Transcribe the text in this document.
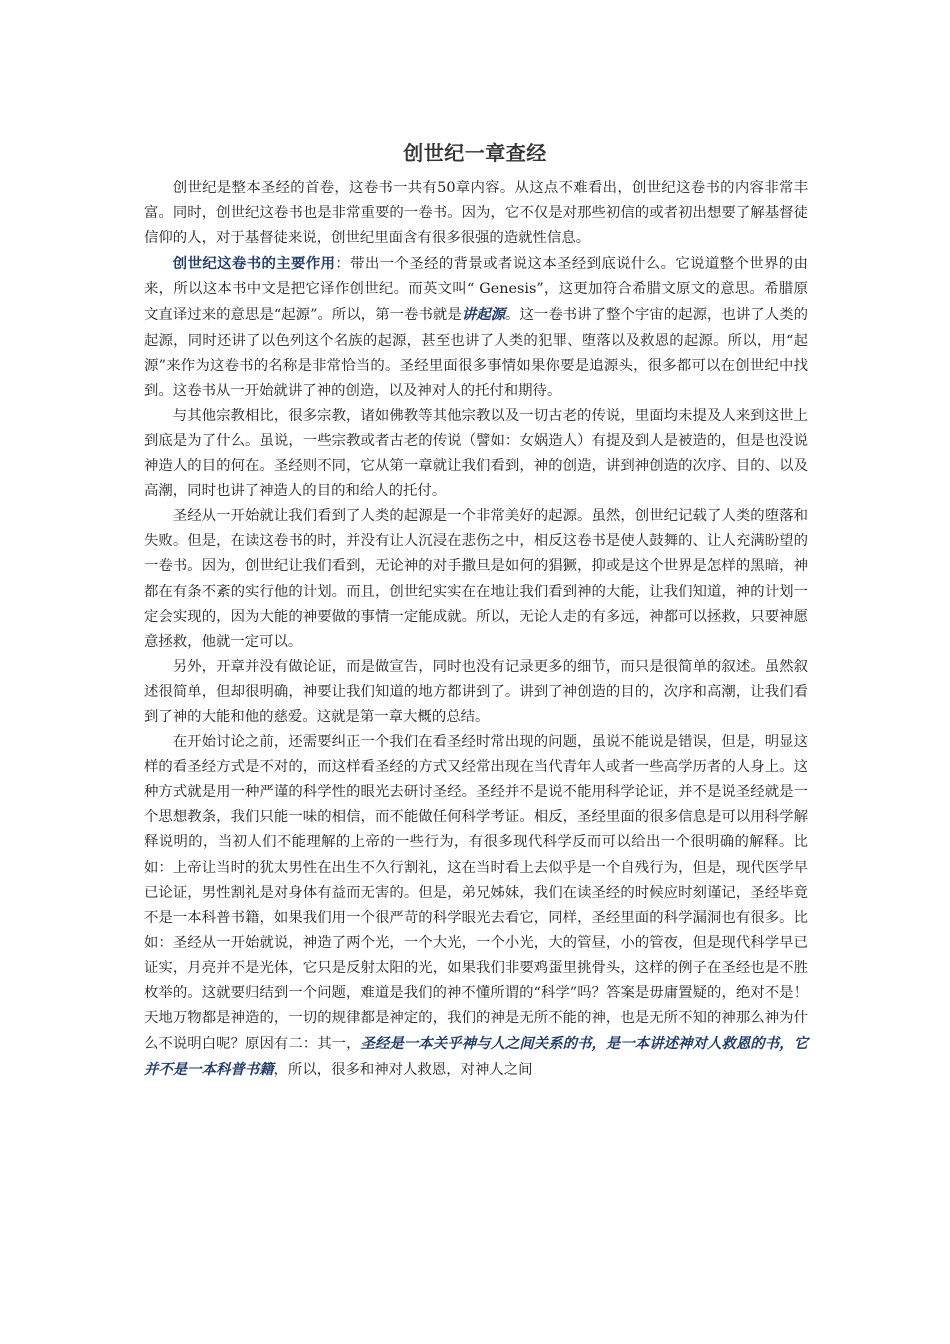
创世纪一章查经

创世纪是整本圣经的首卷，这卷书一共有50章内容。从这点不难看出，创世纪这卷书的内容非常丰富。同时，创世纪这卷书也是非常重要的一卷书。因为，它不仅是对那些初信的或者初出想要了解基督徒信仰的人，对于基督徒来说，创世纪里面含有很多很强的造就性信息。

创世纪这卷书的主要作用：带出一个圣经的背景或者说这本圣经到底说什么。它说道整个世界的由来，所以这本书中文是把它译作创世纪。而英文叫“ Genesis”，这更加符合希腊文原文的意思。希腊原文直译过来的意思是“起源”。所以，第一卷书就是讲起源。这一卷书讲了整个宇宙的起源，也讲了人类的起源，同时还讲了以色列这个名族的起源，甚至也讲了人类的犯罪、堕落以及救恩的起源。所以，用“起源”来作为这卷书的名称是非常恰当的。圣经里面很多事情如果你要是追源头，很多都可以在创世纪中找到。这卷书从一开始就讲了神的创造，以及神对人的托付和期待。

与其他宗教相比，很多宗教，诸如佛教等其他宗教以及一切古老的传说，里面均未提及人来到这世上到底是为了什么。虽说，一些宗教或者古老的传说（譬如：女娲造人）有提及到人是被造的，但是也没说神造人的目的何在。圣经则不同，它从第一章就让我们看到，神的创造，讲到神创造的次序、目的、以及高潮，同时也讲了神造人的目的和给人的托付。

圣经从一开始就让我们看到了人类的起源是一个非常美好的起源。虽然，创世纪记载了人类的堕落和失败。但是，在读这卷书的时，并没有让人沉浸在悲伤之中，相反这卷书是使人鼓舞的、让人充满盼望的一卷书。因为，创世纪让我们看到，无论神的对手撒旦是如何的猖獗，抑或是这个世界是怎样的黑暗，神都在有条不紊的实行他的计划。而且，创世纪实实在在地让我们看到神的大能，让我们知道，神的计划一定会实现的，因为大能的神要做的事情一定能成就。所以，无论人走的有多远，神都可以拯救，只要神愿意拯救，他就一定可以。

另外，开章并没有做论证，而是做宣告，同时也没有记录更多的细节，而只是很简单的叙述。虽然叙述很简单，但却很明确，神要让我们知道的地方都讲到了。讲到了神创造的目的，次序和高潮，让我们看到了神的大能和他的慈爱。这就是第一章大概的总结。

在开始讨论之前，还需要纠正一个我们在看圣经时常出现的问题，虽说不能说是错误，但是，明显这样的看圣经方式是不对的，而这样看圣经的方式又经常出现在当代青年人或者一些高学历者的人身上。这种方式就是用一种严谨的科学性的眼光去研讨圣经。圣经并不是说不能用科学论证，并不是说圣经就是一个思想教条，我们只能一味的相信，而不能做任何科学考证。相反，圣经里面的很多信息是可以用科学解释说明的，当初人们不能理解的上帝的一些行为，有很多现代科学反而可以给出一个很明确的解释。比如：上帝让当时的犹太男性在出生不久行割礼，这在当时看上去似乎是一个自残行为，但是，现代医学早已论证，男性割礼是对身体有益而无害的。但是，弟兄姊妹，我们在读圣经的时候应时刻谨记，圣经毕竟不是一本科普书籍，如果我们用一个很严苛的科学眼光去看它，同样，圣经里面的科学漏洞也有很多。比如：圣经从一开始就说，神造了两个光，一个大光，一个小光，大的管昼，小的管夜，但是现代科学早已证实，月亮并不是光体，它只是反射太阳的光，如果我们非要鸡蛋里挑骨头，这样的例子在圣经也是不胜枚举的。这就要归结到一个问题，难道是我们的神不懂所谓的“科学”吗？答案是毋庸置疑的，绝对不是！天地万物都是神造的，一切的规律都是神定的，我们的神是无所不能的神，也是无所不知的神那么神为什么不说明白呢？原因有二：其一，圣经是一本关乎神与人之间关系的书，是一本讲述神对人救恩的书，它并不是一本科普书籍，所以，很多和神对人救恩，对神人之间
